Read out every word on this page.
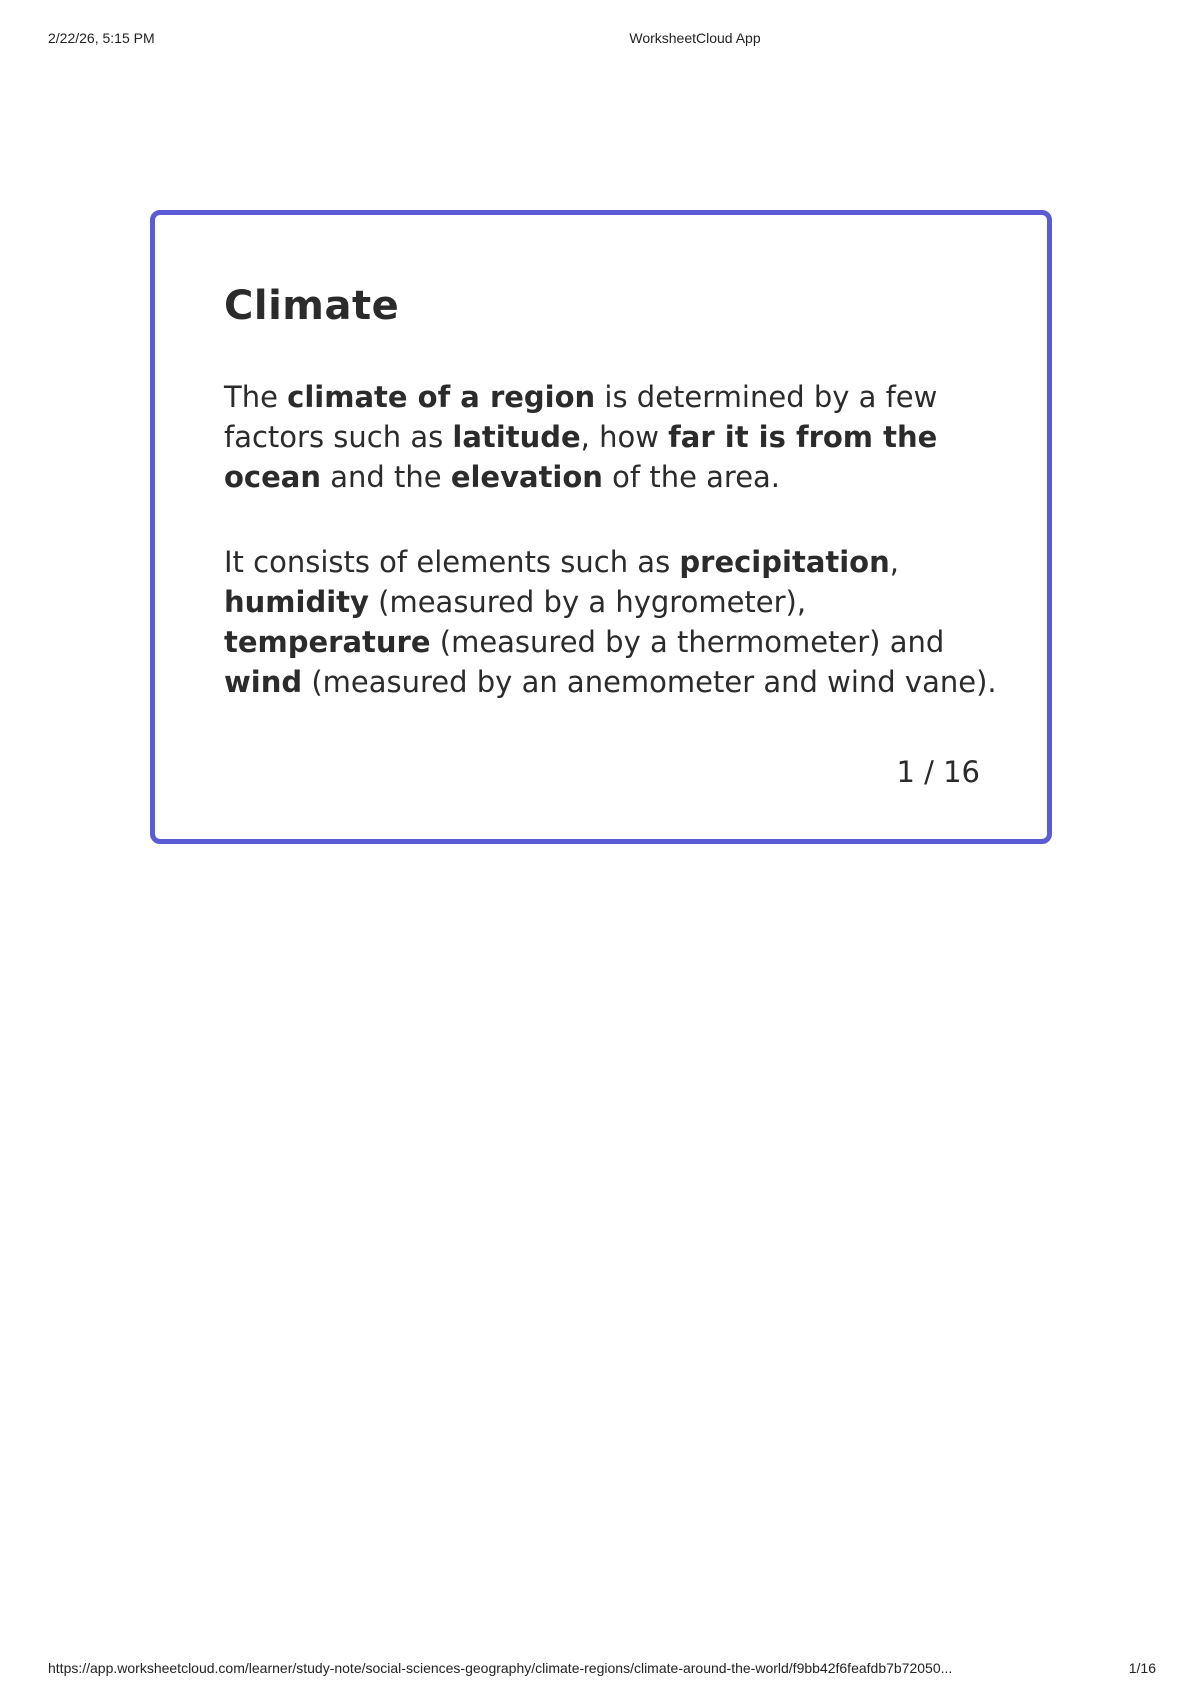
2/22/26, 5:15 PM	WorksheetCloud App
Climate

The climate of a region is determined by a few factors such as latitude, how far it is from the ocean and the elevation of the area.

It consists of elements such as precipitation, humidity (measured by a hygrometer), temperature (measured by a thermometer) and wind (measured by an anemometer and wind vane).

1 / 16
https://app.worksheetcloud.com/learner/study-note/social-sciences-geography/climate-regions/climate-around-the-world/f9bb42f6feafdb7b72050...	1/16
